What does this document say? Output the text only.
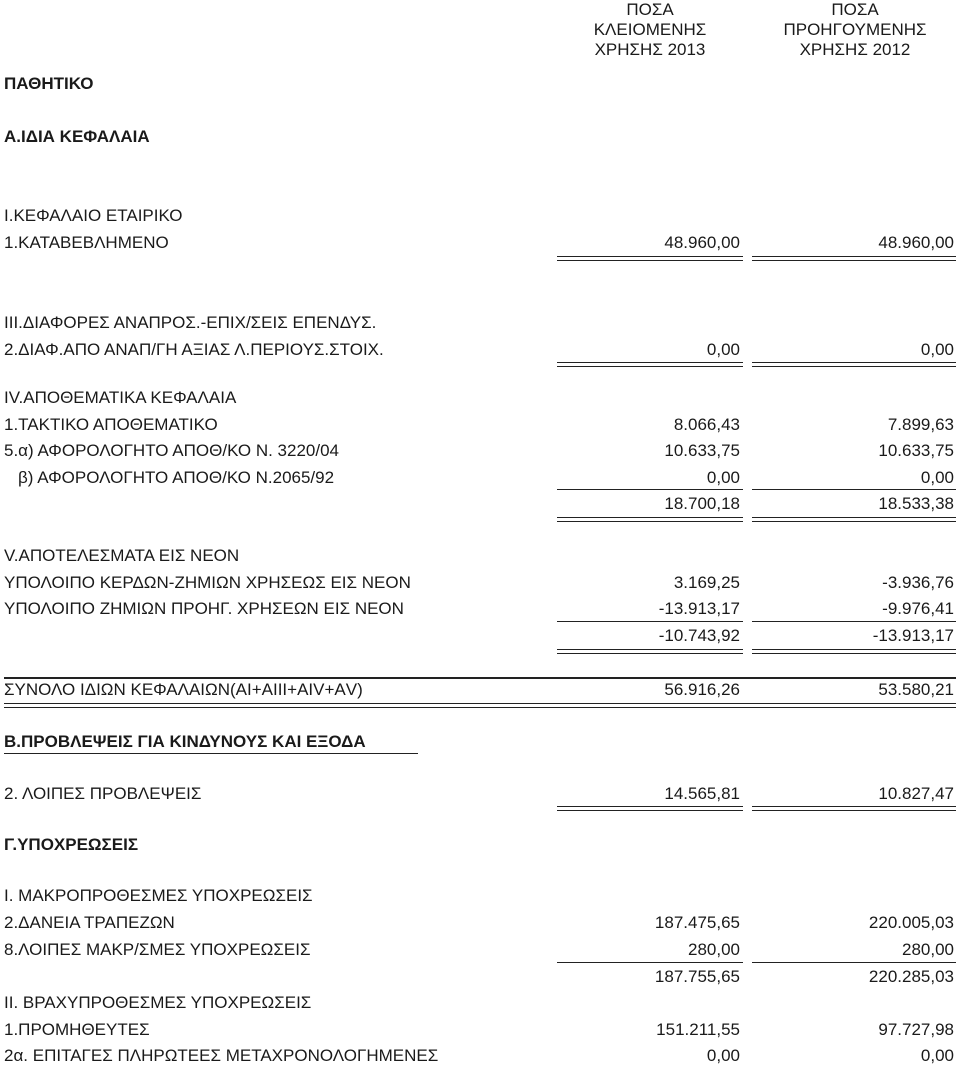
ΠΟΣΑ
ΚΛΕΙΟΜΕΝΗΣ
ΧΡΗΣΗΣ 2013
ΠΟΣΑ
ΠΡΟΗΓΟΥΜΕΝΗΣ
ΧΡΗΣΗΣ 2012
ΠΑΘΗΤΙΚΟ
Α.ΙΔΙΑ ΚΕΦΑΛΑΙΑ
Ι.ΚΕΦΑΛΑΙΟ ΕΤΑΙΡΙΚΟ
1.ΚΑΤΑΒΕΒΛΗΜΕΝΟ	48.960,00	48.960,00
ΙΙΙ.ΔΙΑΦΟΡΕΣ ΑΝΑΠΡΟΣ.-ΕΠΙΧ/ΣΕΙΣ ΕΠΕΝΔΥΣ.
2.ΔΙΑΦ.ΑΠΟ ΑΝΑΠ/ΓΗ ΑΞΙΑΣ Λ.ΠΕΡΙΟΥΣ.ΣΤΟΙΧ.	0,00	0,00
IV.ΑΠΟΘΕΜΑΤΙΚΑ ΚΕΦΑΛΑΙΑ
1.ΤΑΚΤΙΚΟ ΑΠΟΘΕΜΑΤΙΚΟ	8.066,43	7.899,63
5.α) ΑΦΟΡΟΛΟΓΗΤΟ ΑΠΟΘ/ΚΟ Ν. 3220/04	10.633,75	10.633,75
β) ΑΦΟΡΟΛΟΓΗΤΟ ΑΠΟΘ/ΚΟ Ν.2065/92	0,00	0,00
18.700,18	18.533,38
V.ΑΠΟΤΕΛΕΣΜΑΤΑ ΕΙΣ ΝΕΟΝ
ΥΠΟΛΟΙΠΟ ΚΕΡΔΩΝ-ΖΗΜΙΩΝ ΧΡΗΣΕΩΣ ΕΙΣ ΝΕΟΝ	3.169,25	-3.936,76
ΥΠΟΛΟΙΠΟ ΖΗΜΙΩΝ ΠΡΟΗΓ. ΧΡΗΣΕΩΝ ΕΙΣ ΝΕΟΝ	-13.913,17	-9.976,41
-10.743,92	-13.913,17
ΣΥΝΟΛΟ ΙΔΙΩΝ ΚΕΦΑΛΑΙΩΝ(ΑΙ+ΑΙΙΙ+ΑΙV+ΑV)	56.916,26	53.580,21
Β.ΠΡΟΒΛΕΨΕΙΣ ΓΙΑ ΚΙΝΔΥΝΟΥΣ ΚΑΙ ΕΞΟΔΑ
2. ΛΟΙΠΕΣ ΠΡΟΒΛΕΨΕΙΣ	14.565,81	10.827,47
Γ.ΥΠΟΧΡΕΩΣΕΙΣ
Ι. ΜΑΚΡΟΠΡΟΘΕΣΜΕΣ ΥΠΟΧΡΕΩΣΕΙΣ
2.ΔΑΝΕΙΑ ΤΡΑΠΕΖΩΝ	187.475,65	220.005,03
8.ΛΟΙΠΕΣ ΜΑΚΡ/ΣΜΕΣ ΥΠΟΧΡΕΩΣΕΙΣ	280,00	280,00
187.755,65	220.285,03
ΙΙ. ΒΡΑΧΥΠΡΟΘΕΣΜΕΣ ΥΠΟΧΡΕΩΣΕΙΣ
1.ΠΡΟΜΗΘΕΥΤΕΣ	151.211,55	97.727,98
2α. ΕΠΙΤΑΓΕΣ ΠΛΗΡΩΤΕΕΣ ΜΕΤΑΧΡΟΝΟΛΟΓΗΜΕΝΕΣ	0,00	0,00
